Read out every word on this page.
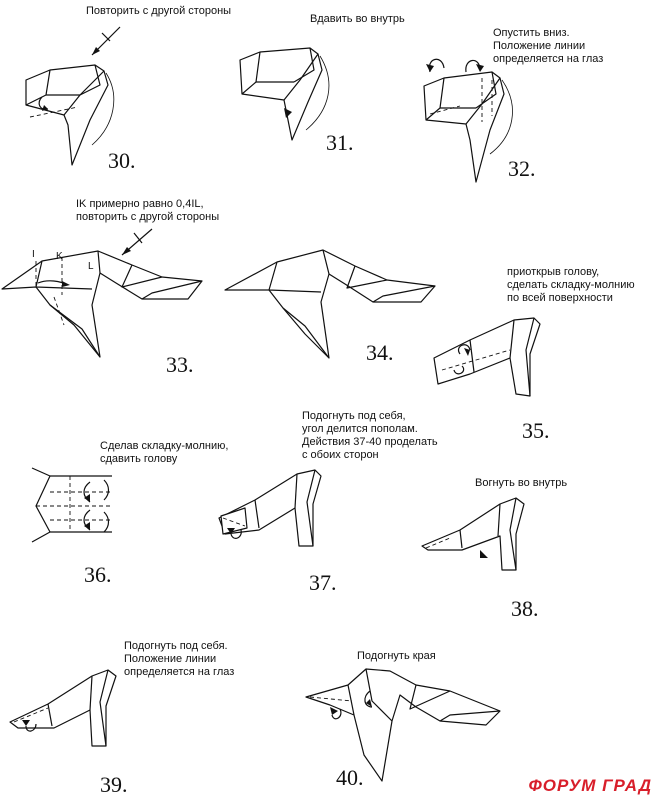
Повторить с другой стороны
30.
Вдавить во внутрь
31.
Опустить вниз.
Положение линии
определяется на глаз
32.
IK примерно равно 0,4IL,
повторить с другой стороны
I K
L
33.	34.
приоткрыв голову,
сделать складку-молнию
по всей поверхности
35.
Сделав складку-молнию,
сдавить голову
36.
Подогнуть под себя,
угол делится пополам.
Действия 37-40 проделать
с обоих сторон
37.
Вогнуть во внутрь
38.
Подогнуть под себя.
Положение линии
определяется на глаз
39.
Подогнуть края
40.	ФОРУМ ГРАД
